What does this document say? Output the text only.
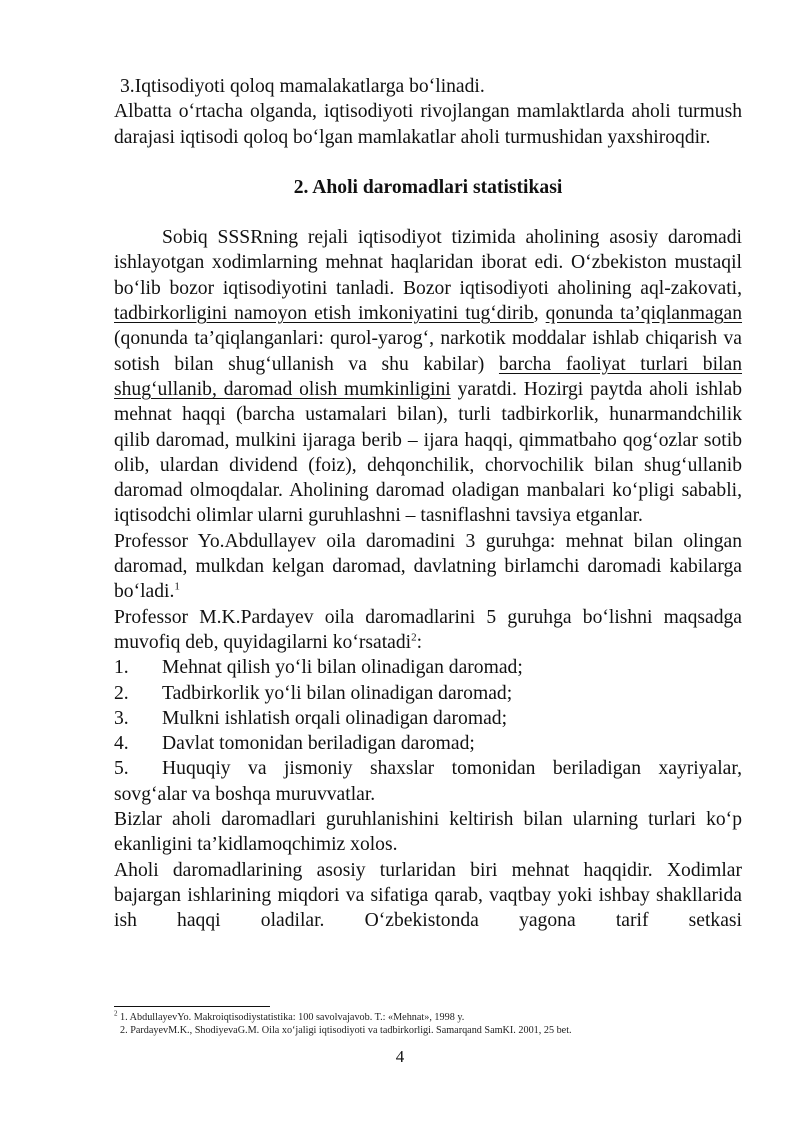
3.Iqtisodiyoti qoloq mamalakatlarga bo‘linadi.

Albatta o‘rtacha olganda, iqtisodiyoti rivojlangan mamlaktlarda aholi turmush darajasi iqtisodi qoloq bo‘lgan mamlakatlar aholi turmushidan yaxshiroqdir.

2. Aholi daromadlari statistikasi

Sobiq SSSRning rejali iqtisodiyot tizimida aholining asosiy daromadi ishlayotgan xodimlarning mehnat haqlaridan iborat edi. O‘zbekiston mustaqil bo‘lib bozor iqtisodiyotini tanladi. Bozor iqtisodiyoti aholining aql-zakovati, tadbirkorligini namoyon etish imkoniyatini tug‘dirib, qonunda ta’qiqlanmagan (qonunda ta’qiqlanganlari: qurol-yarog‘, narkotik moddalar ishlab chiqarish va sotish bilan shug‘ullanish va shu kabilar) barcha faoliyat turlari bilan shug‘ullanib, daromad olish mumkinligini yaratdi. Hozirgi paytda aholi ishlab mehnat haqqi (barcha ustamalari bilan), turli tadbirkorlik, hunarmandchilik qilib daromad, mulkini ijaraga berib – ijara haqqi, qimmatbaho qog‘ozlar sotib olib, ulardan dividend (foiz), dehqonchilik, chorvochilik bilan shug‘ullanib daromad olmoqdalar. Aholining daromad oladigan manbalari ko‘pligi sababli, iqtisodchi olimlar ularni guruhlashni – tasniflashni tavsiya etganlar.

Professor Yo.Abdullayev oila daromadini 3 guruhga: mehnat bilan olingan daromad, mulkdan kelgan daromad, davlatning birlamchi daromadi kabilarga bo‘ladi.$^1$

Professor M.K.Pardayev oila daromadlarini 5 guruhga bo‘lishni maqsadga muvofiq deb, quyidagilarni ko‘rsatadi$^2$:

1.	Mehnat qilish yo‘li bilan olinadigan daromad;
2.	Tadbirkorlik yo‘li bilan olinadigan daromad;
3.	Mulkni ishlatish orqali olinadigan daromad;
4.	Davlat tomonidan beriladigan daromad;

5. Huquqiy va jismoniy shaxslar tomonidan beriladigan xayriyalar, sovg‘alar va boshqa muruvvatlar.

Bizlar aholi daromadlari guruhlanishini keltirish bilan ularning turlari ko‘p ekanligini ta’kidlamoqchimiz xolos.

Aholi daromadlarining asosiy turlaridan biri mehnat haqqidir. Xodimlar bajargan ishlarining miqdori va sifatiga qarab, vaqtbay yoki ishbay shakllarida ish haqqi oladilar. O‘zbekistonda yagona tarif setkasi

$^2$ 1. AbdullayevYo. Makroiqtisodiystatistika: 100 savolvajavob. T.: «Mehnat», 1998 y.

2. PardayevM.K., ShodiyevaG.M. Oila xo‘jaligi iqtisodiyoti va tadbirkorligi. Samarqand SamKI. 2001, 25 bet.

4
